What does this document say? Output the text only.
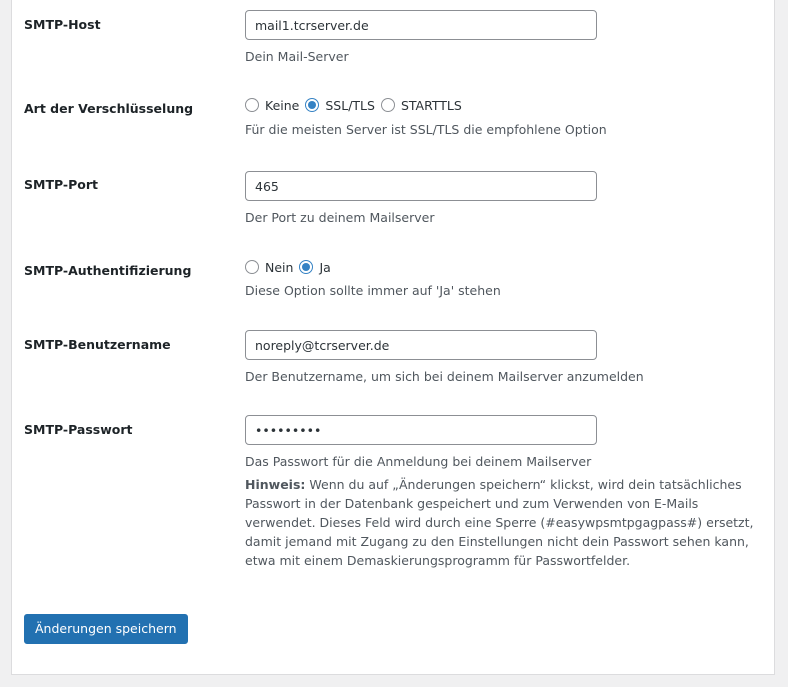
SMTP-Host
mail1.tcrserver.de
Dein Mail-Server
Art der Verschlüsselung	Keine SSL/TLS STARTTLS
Für die meisten Server ist SSL/TLS die empfohlene Option
SMTP-Port
465
Der Port zu deinem Mailserver
SMTP-Authentifizierung	Nein Ja
Diese Option sollte immer auf 'Ja' stehen
SMTP-Benutzername
noreply@tcrserver.de
Der Benutzername, um sich bei deinem Mailserver anzumelden
SMTP-Passwort
•••••••••
Das Passwort für die Anmeldung bei deinem Mailserver
Hinweis: Wenn du auf „Änderungen speichern“ klickst, wird dein tatsächliches Passwort in der Datenbank gespeichert und zum Verwenden von E-Mails verwendet. Dieses Feld wird durch eine Sperre (#easywpsmtpgagpass#) ersetzt, damit jemand mit Zugang zu den Einstellungen nicht dein Passwort sehen kann, etwa mit einem Demaskierungsprogramm für Passwortfelder.
Änderungen speichern
